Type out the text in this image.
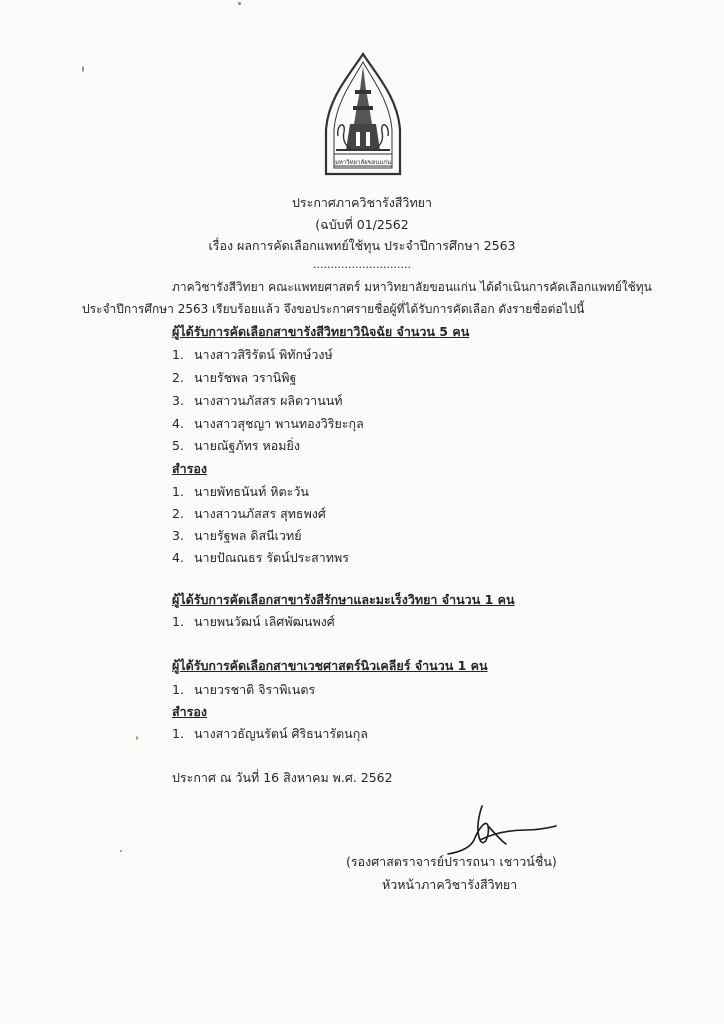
มหาวิทยาลัยขอนแก่น
ประกาศภาควิชารังสีวิทยา
(ฉบับที่ 01/2562
เรื่อง ผลการคัดเลือกแพทย์ใช้ทุน ประจำปีการศึกษา 2563
............................
ภาควิชารังสีวิทยา คณะแพทยศาสตร์ มหาวิทยาลัยขอนแก่น ได้ดำเนินการคัดเลือกแพทย์ใช้ทุน
ประจำปีการศึกษา 2563 เรียบร้อยแล้ว จึงขอประกาศรายชื่อผู้ที่ได้รับการคัดเลือก ดังรายชื่อต่อไปนี้
ผู้ได้รับการคัดเลือกสาขารังสีวิทยาวินิจฉัย จำนวน 5 คน
1. นางสาวสิริรัตน์ พิทักษ์วงษ์
2. นายรัชพล วรานิพิฐ
3. นางสาวนภัสสร ผลิตวานนท์
4. นางสาวสุชญา พานทองวิริยะกุล
5. นายณัฐภัทร หอมยิ่ง
สำรอง
1. นายพัทธนันท์ หิตะวัน
2. นางสาวนภัสสร สุทธพงศ์
3. นายรัฐพล ดิสนีเวทย์
4. นายปัณณธร รัตน์ประสาทพร
ผู้ได้รับการคัดเลือกสาขารังสีรักษาและมะเร็งวิทยา จำนวน 1 คน
1. นายพนวัฒน์ เลิศพัฒนพงศ์
ผู้ได้รับการคัดเลือกสาขาเวชศาสตร์นิวเคลียร์ จำนวน 1 คน
1. นายวรชาติ จิราพิเนตร
สำรอง
1. นางสาวธัญนรัตน์ ศิริธนารัตนกุล
ประกาศ ณ วันที่ 16 สิงหาคม พ.ศ. 2562
(รองศาสตราจารย์ปรารถนา เชาวน์ชื่น)
หัวหน้าภาควิชารังสีวิทยา
